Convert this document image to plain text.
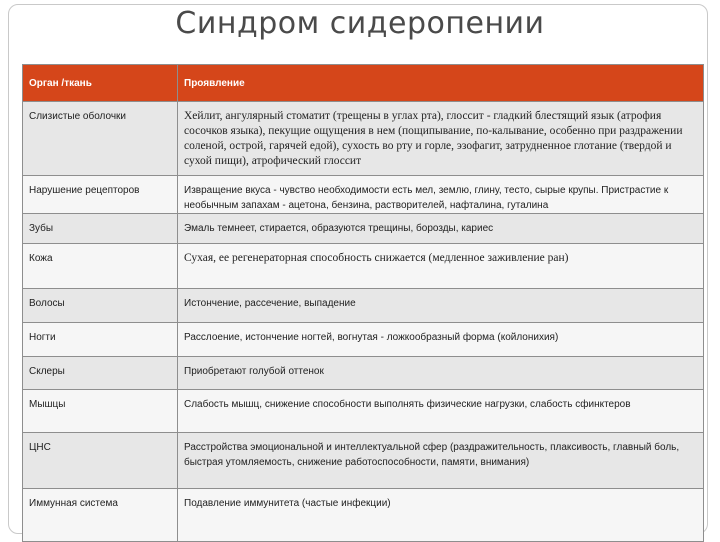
Синдром сидеропении
Орган /ткань	Проявление
Слизистые оболочки	Хейлит, ангулярный стоматит (трещены в углах рта), глоссит - гладкий блестящий язык (атрофия сосочков языка), пекущие ощущения в нем (пощипывание, по-калывание, особенно при раздражении соленой, острой, гарячей едой), сухость во рту и горле, эзофагит, затрудненное глотание (твердой и сухой пищи), атрофический глоссит
Нарушение рецепторов	Извращение вкуса - чувство необходимости есть мел, землю, глину, тесто, сырые крупы. Пристрастие к необычным запахам - ацетона, бензина, растворителей, нафталина, гуталина
Зубы	Эмаль темнеет, стирается, образуются трещины, борозды, кариес
Кожа	Сухая, ее регенераторная способность снижается (медленное заживление ран)
Волосы	Истончение, рассечение, выпадение
Ногти	Расслоение, истончение ногтей, вогнутая - ложкообразный форма (койлонихия)
Склеры	Приобретают голубой оттенок
Мышцы	Слабость мышц, снижение способности выполнять физические нагрузки, слабость сфинктеров
ЦНС	Расстройства эмоциональной и интеллектуальной сфер (раздражительность, плаксивость, главный боль, быстрая утомляемость, снижение работоспособности, памяти, внимания)
Иммунная система	Подавление иммунитета (частые инфекции)
